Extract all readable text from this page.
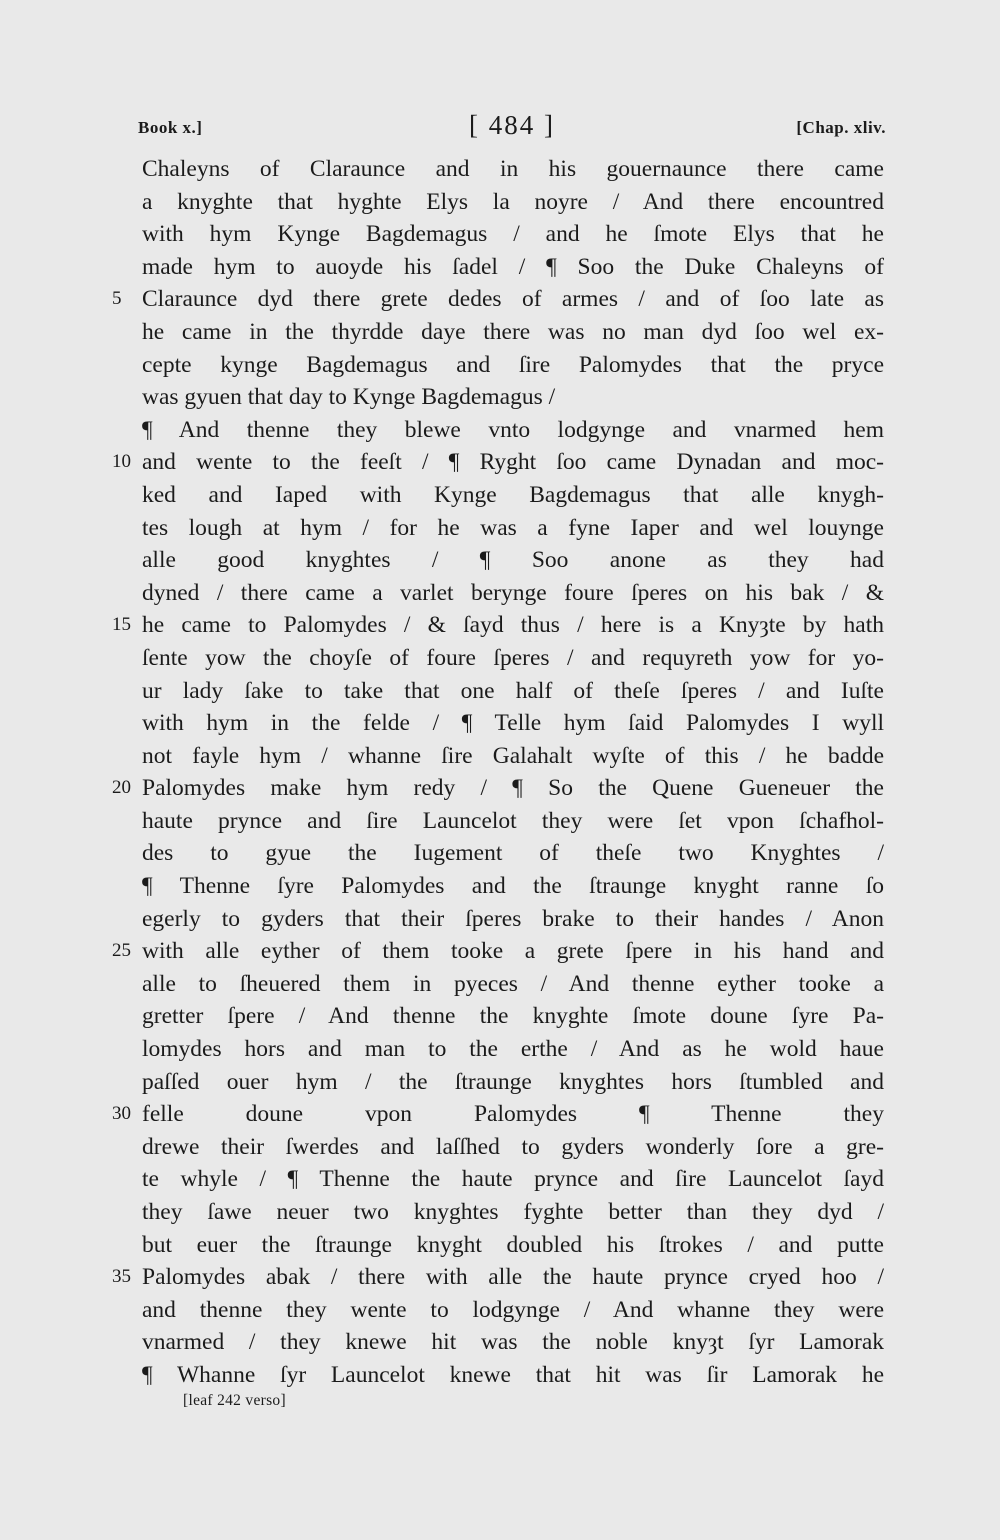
Book x.]	[ 484 ]	[Chap. xliv.
Chaleyns of Claraunce and in his gouernaunce there came
a knyghte that hyghte Elys la noyre / And there encountred
with hym Kynge Bagdemagus / and he ſmote Elys that he
made hym to auoyde his ſadel / ¶ Soo the Duke Chaleyns of
5 Claraunce dyd there grete dedes of armes / and of ſoo late as
he came in the thyrdde daye there was no man dyd ſoo wel ex-
cepte kynge Bagdemagus and ſire Palomydes that the pryce
was gyuen that day to Kynge Bagdemagus /
¶ And thenne they blewe vnto lodgynge and vnarmed hem
10 and wente to the feeſt / ¶ Ryght ſoo came Dynadan and moc-
ked and Iaped with Kynge Bagdemagus that alle knygh-
tes lough at hym / for he was a fyne Iaper and wel louynge
alle good knyghtes / ¶ Soo anone as they had
dyned / there came a varlet berynge foure ſperes on his bak / &
15 he came to Palomydes / & ſayd thus / here is a Knyȝte by hath
ſente yow the choyſe of foure ſperes / and requyreth yow for yo-
ur lady ſake to take that one half of theſe ſperes / and Iuſte
with hym in the felde / ¶ Telle hym ſaid Palomydes I wyll
not fayle hym / whanne ſire Galahalt wyſte of this / he badde
20 Palomydes make hym redy / ¶ So the Quene Gueneuer the
haute prynce and ſire Launcelot they were ſet vpon ſchafhol-
des to gyue the Iugement of theſe two Knyghtes /
¶ Thenne ſyre Palomydes and the ſtraunge knyght ranne ſo
egerly to gyders that their ſperes brake to their handes / Anon
25 with alle eyther of them tooke a grete ſpere in his hand and
alle to ſheuered them in pyeces / And thenne eyther tooke a
gretter ſpere / And thenne the knyghte ſmote doune ſyre Pa-
lomydes hors and man to the erthe / And as he wold haue
paſſed ouer hym / the ſtraunge knyghtes hors ſtumbled and
30 felle doune vpon Palomydes ¶ Thenne they
drewe their ſwerdes and laſſhed to gyders wonderly ſore a gre-
te whyle / ¶ Thenne the haute prynce and ſire Launcelot ſayd
they ſawe neuer two knyghtes fyghte better than they dyd /
but euer the ſtraunge knyght doubled his ſtrokes / and putte
35 Palomydes abak / there with alle the haute prynce cryed hoo /
and thenne they wente to lodgynge / And whanne they were
vnarmed / they knewe hit was the noble knyȝt ſyr Lamorak
¶ Whanne ſyr Launcelot knewe that hit was ſir Lamorak he
[leaf 242 verso]
